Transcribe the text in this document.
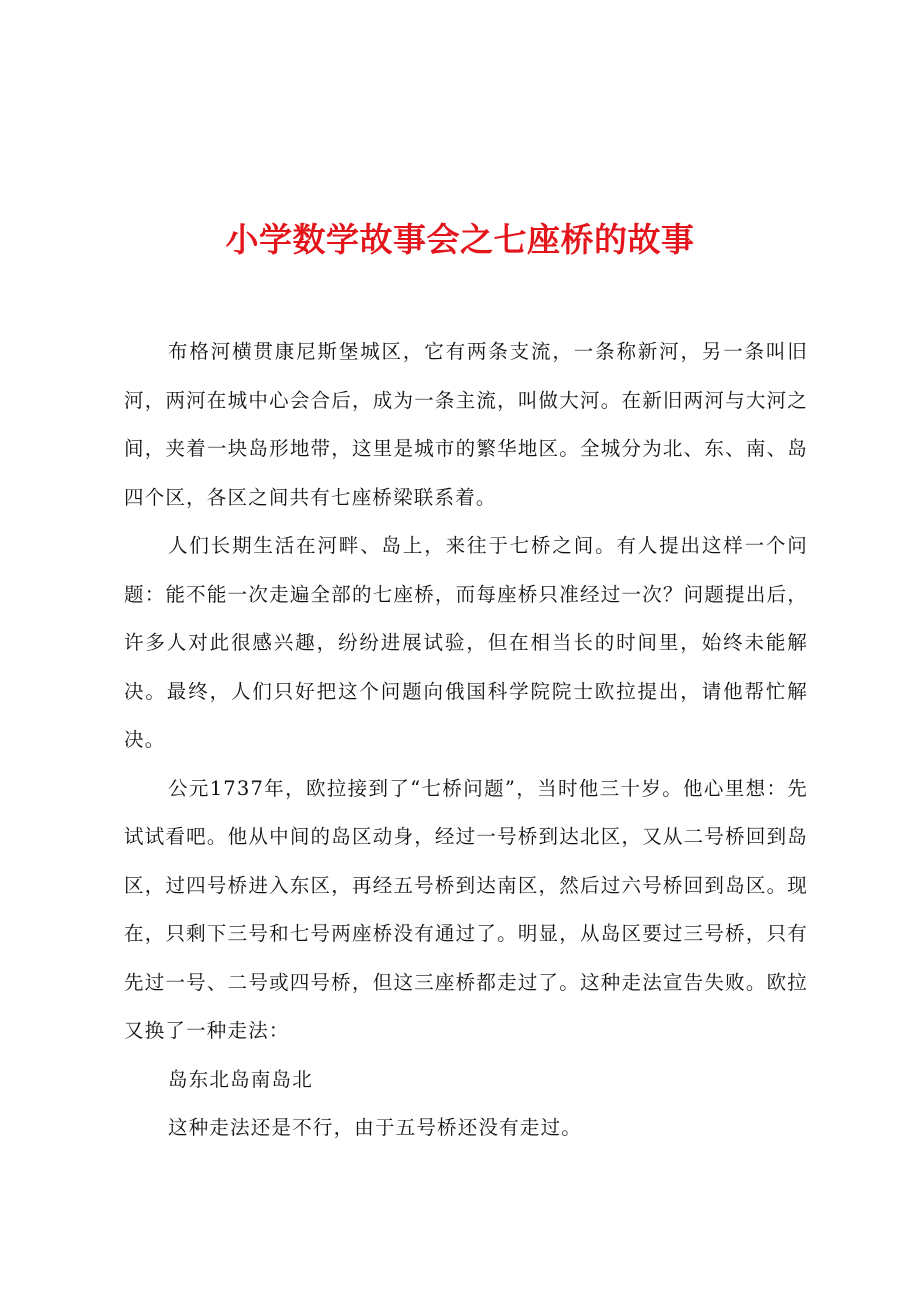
小学数学故事会之七座桥的故事

布格河横贯康尼斯堡城区，它有两条支流，一条称新河，另一条叫旧河，两河在城中心会合后，成为一条主流，叫做大河。在新旧两河与大河之间，夹着一块岛形地带，这里是城市的繁华地区。全城分为北、东、南、岛四个区，各区之间共有七座桥梁联系着。

人们长期生活在河畔、岛上，来往于七桥之间。有人提出这样一个问题：能不能一次走遍全部的七座桥，而每座桥只准经过一次？问题提出后，许多人对此很感兴趣，纷纷进展试验，但在相当长的时间里，始终未能解决。最终，人们只好把这个问题向俄国科学院院士欧拉提出，请他帮忙解决。

公元1737年，欧拉接到了“七桥问题”，当时他三十岁。他心里想：先试试看吧。他从中间的岛区动身，经过一号桥到达北区，又从二号桥回到岛区，过四号桥进入东区，再经五号桥到达南区，然后过六号桥回到岛区。现在，只剩下三号和七号两座桥没有通过了。明显，从岛区要过三号桥，只有先过一号、二号或四号桥，但这三座桥都走过了。这种走法宣告失败。欧拉又换了一种走法：

岛东北岛南岛北

这种走法还是不行，由于五号桥还没有走过。
